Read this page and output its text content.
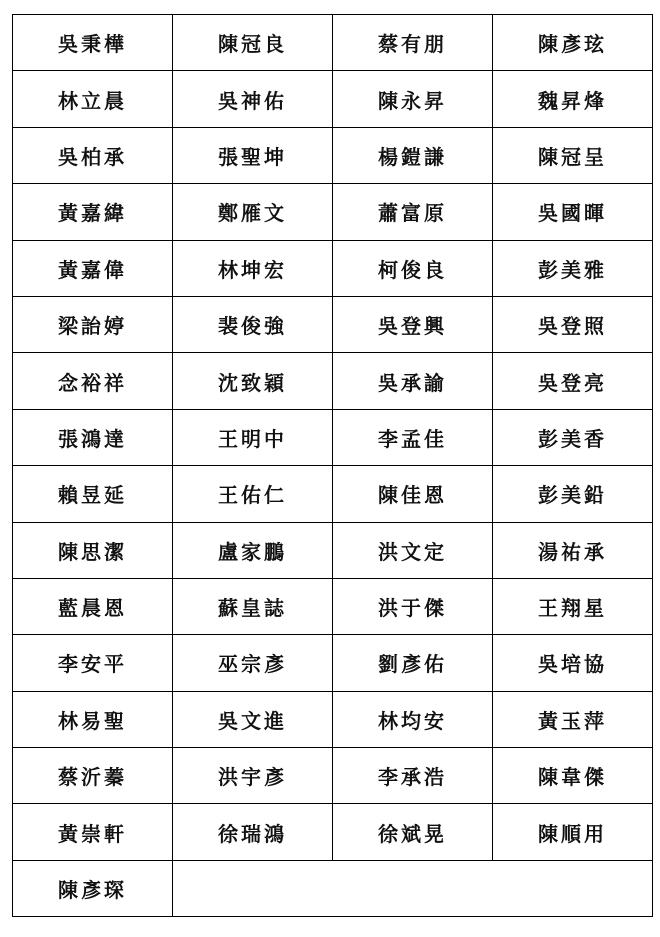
吳秉樺	陳冠良	蔡有朋	陳彥玹
林立晨	吳神佑	陳永昇	魏昇烽
吳柏承	張聖坤	楊鎧謙	陳冠呈
黃嘉緯	鄭雁文	蕭富原	吳國暉
黃嘉偉	林坤宏	柯俊良	彭美雅
梁詒婷	裴俊強	吳登興	吳登照
念裕祥	沈致穎	吳承諭	吳登亮
張鴻達	王明中	李孟佳	彭美香
賴昱延	王佑仁	陳佳恩	彭美鉛
陳思潔	盧家鵬	洪文定	湯祐承
藍晨恩	蘇皇誌	洪于傑	王翔星
李安平	巫宗彥	劉彥佑	吳培協
林易聖	吳文進	林均安	黃玉萍
蔡沂蓁	洪宇彥	李承浩	陳韋傑
黃崇軒	徐瑞鴻	徐斌晃	陳順用
陳彥琛			
